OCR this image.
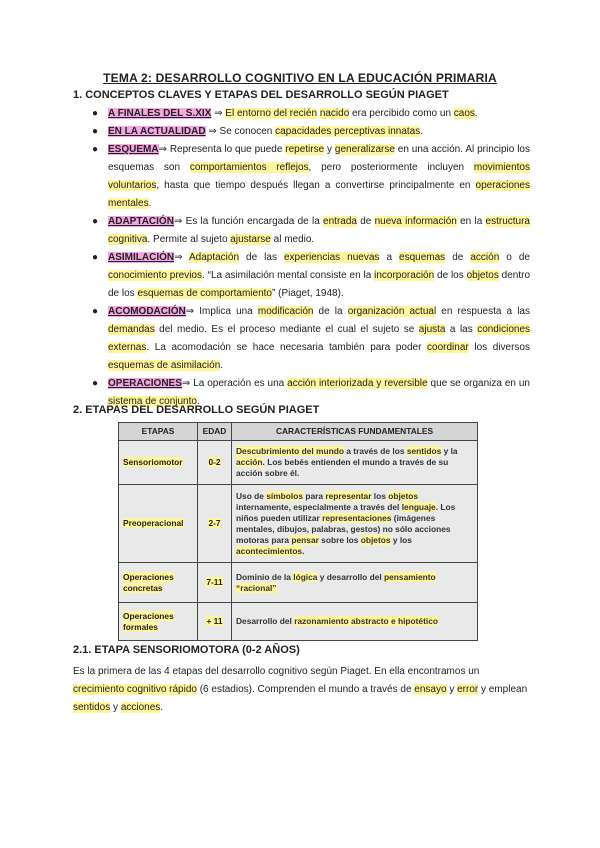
TEMA 2: DESARROLLO COGNITIVO EN LA EDUCACIÓN PRIMARIA
1. CONCEPTOS CLAVES Y ETAPAS DEL DESARROLLO SEGÚN PIAGET
● A FINALES DEL S.XIX ⇒ El entorno del recién nacido era percibido como un caos.
● EN LA ACTUALIDAD ⇒ Se conocen capacidades perceptivas innatas.
● ESQUEMA⇒ Representa lo que puede repetirse y generalizarse en una acción. Al principio los esquemas son comportamientos reflejos, pero posteriormente incluyen movimientos voluntarios, hasta que tiempo después llegan a convertirse principalmente en operaciones mentales.
● ADAPTACIÓN⇒ Es la función encargada de la entrada de nueva información en la estructura cognitiva. Permite al sujeto ajustarse al medio.
● ASIMILACIÓN⇒ Adaptación de las experiencias nuevas a esquemas de acción o de conocimiento previos. “La asimilación mental consiste en la incorporación de los objetos dentro de los esquemas de comportamiento” (Piaget, 1948).
● ACOMODACIÓN⇒ Implica una modificación de la organización actual en respuesta a las demandas del medio. Es el proceso mediante el cual el sujeto se ajusta a las condiciones externas. La acomodación se hace necesaria también para poder coordinar los diversos esquemas de asimilación.
● OPERACIONES⇒ La operación es una acción interiorizada y reversible que se organiza en un sistema de conjunto.
2. ETAPAS DEL DESARROLLO SEGÚN PIAGET
ETAPAS	EDAD	CARACTERÍSTICAS FUNDAMENTALES
Sensoriomotor	0-2	Descubrimiento del mundo a través de los sentidos y la acción. Los bebés entienden el mundo a través de su acción sobre él.
Preoperacional	2-7	Uso de símbolos para representar los objetos internamente, especialmente a través del lenguaje. Los niños pueden utilizar representaciones (imágenes mentales, dibujos, palabras, gestos) no sólo acciones motoras para pensar sobre los objetos y los acontecimientos.
Operaciones concretas	7-11	Dominio de la lógica y desarrollo del pensamiento “racional”
Operaciones formales	+ 11	Desarrollo del razonamiento abstracto e hipotético
2.1. ETAPA SENSORIOMOTORA (0-2 AÑOS)

Es la primera de las 4 etapas del desarrollo cognitivo según Piaget. En ella encontramos un crecimiento cognitivo rápido (6 estadios). Comprenden el mundo a través de ensayo y error y emplean sentidos y acciones.
